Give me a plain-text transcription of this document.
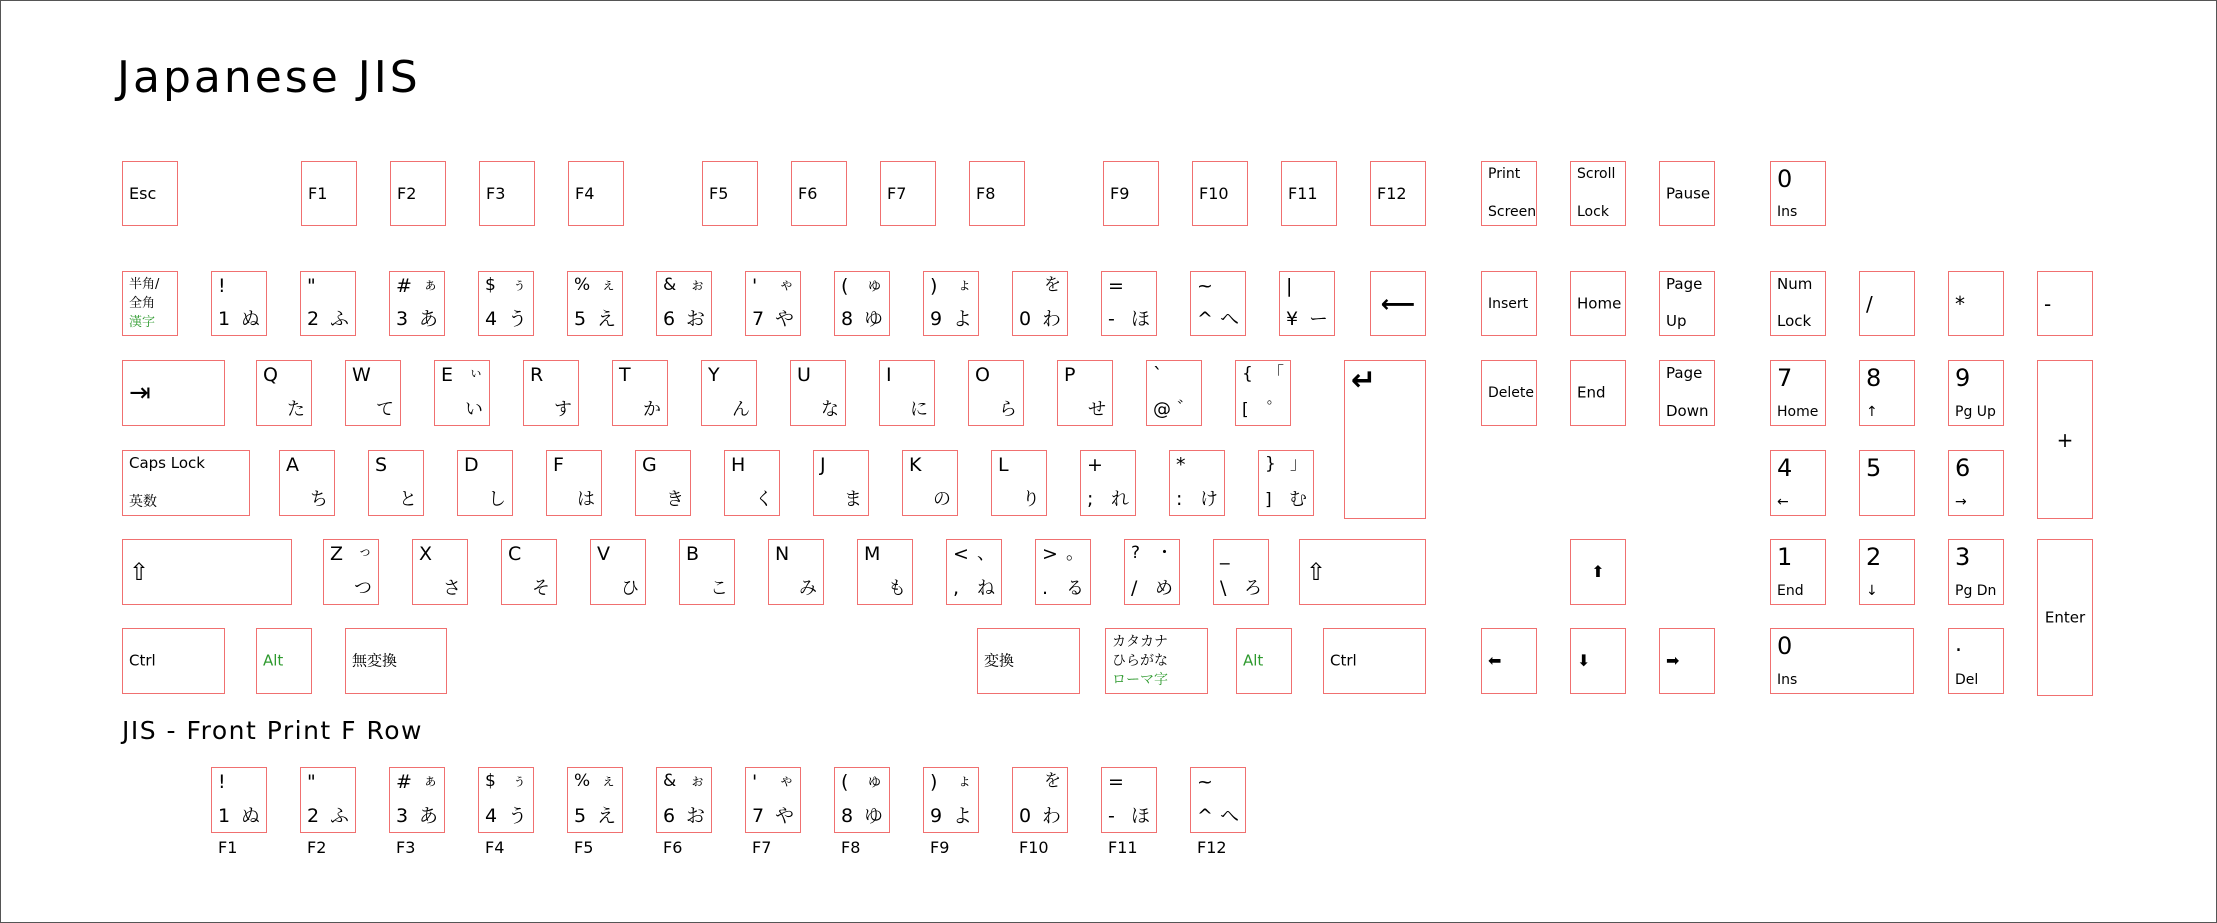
Japanese JIS
JIS - Front Print F Row
Esc	F1	F2	F3	F4	F5	F6	F7	F8	F9	F10	F11	F12
Print
Screen
Scroll
Lock
Pause	0
Ins
半角/
全角
漢字
!
1 ぬ
"
2 ふ
# ぁ
3 あ
$ ぅ
4 う
% ぇ
5 え
& ぉ
6 お
' ゃ
7 や
( ゅ
8 ゆ
) ょ
9 よ
を
0 わ
=
- ほ
~
^ へ
|
¥ ー
⟵	Insert	Home
Page
Up
Num
Lock
/	*	-
⇥
Q
た
W
て
E ぃ
い
R
す
T
か
Y
ん
U
な
I
に
O
ら
P
せ
`
@ ゛
{ 「
[ ゜
↵	Delete	End
Page
Down
7
Home
8
↑
9
Pg Up
+
Caps Lock
英数
A
ち
S
と
D
し
F
は
G
き
H
く
J
ま
K
の
L
り
+
; れ
*
: け
} 」
] む
4
←
5	6
→
⇧
Z っ
つ
X
さ
C
そ
V
ひ
B
こ
N
み
M
も
< 、
, ね
> 。
. る
? ・
/ め
_
\ ろ
⇧	⬆
1
End
2
↓
3
Pg Dn
Enter
Ctrl	Alt	無変換	変換
カタカナ
ひらがな
ローマ字
Alt	Ctrl	⬅	⬇	➡
0
Ins
.
Del
!
1 ぬ
"
2 ふ
# ぁ
3 あ
$ ぅ
4 う
% ぇ
5 え
& ぉ
6 お
' ゃ
7 や
( ゅ
8 ゆ
) ょ
9 よ
を
0 わ
=
- ほ
~
^ へ
F1	F2	F3	F4	F5	F6	F7	F8	F9	F10	F11	F12
